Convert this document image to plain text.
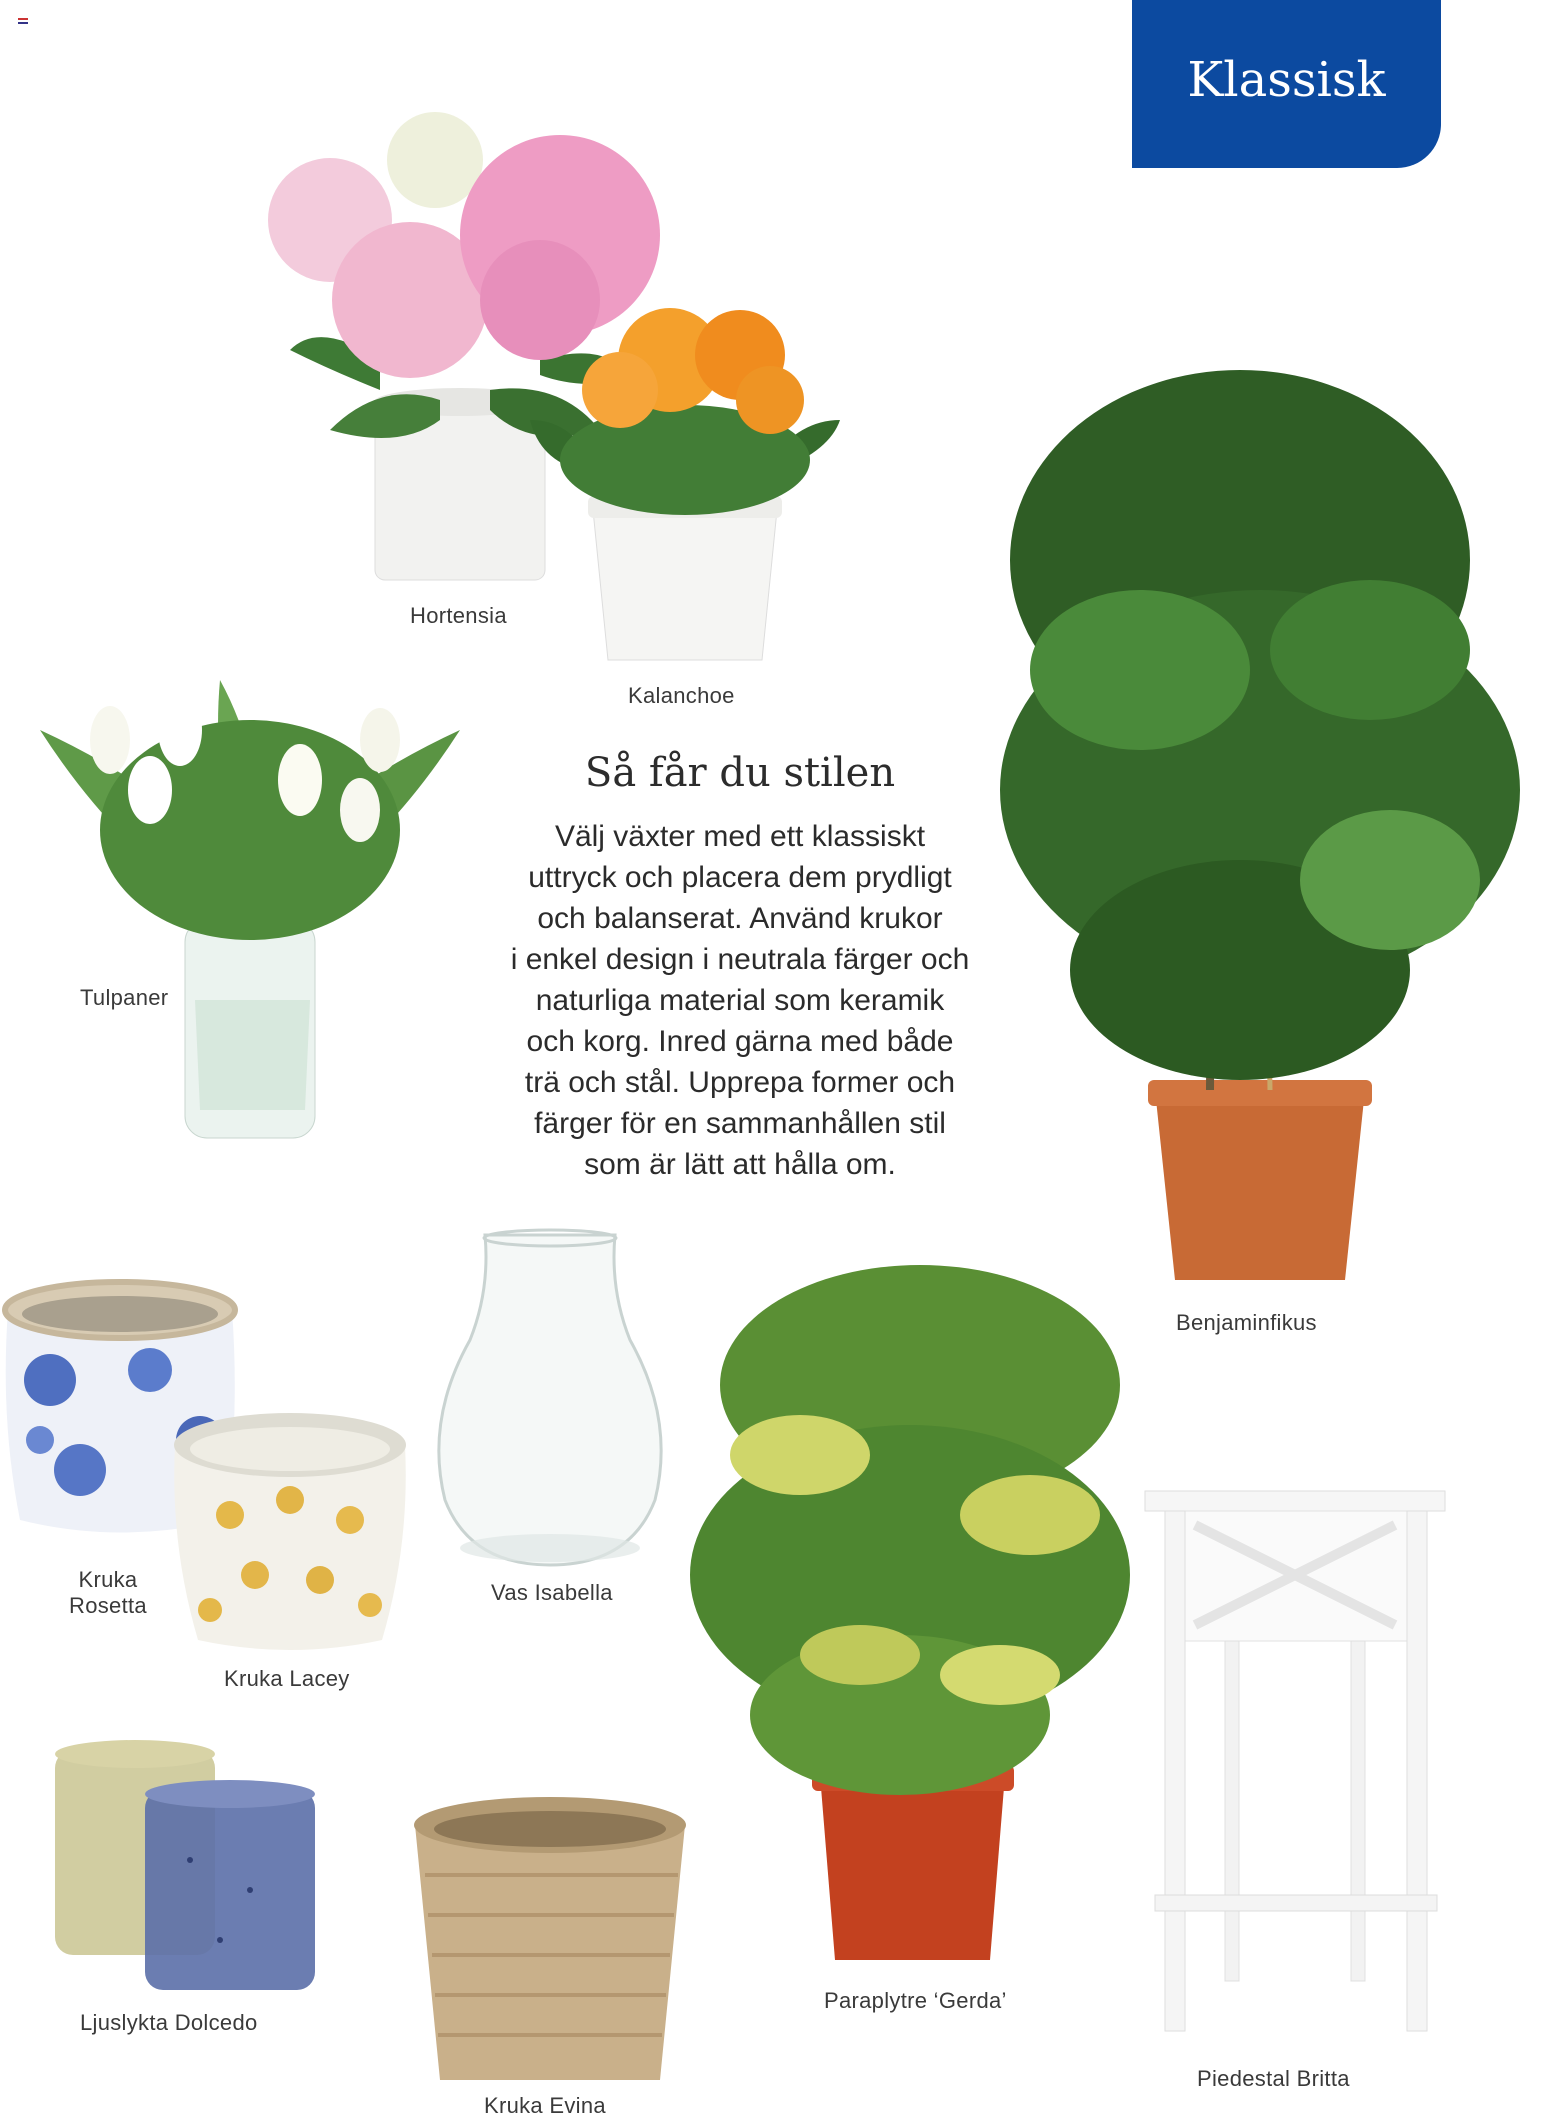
Klassisk
Hortensia
Kalanchoe
Benjaminfikus
Tulpaner
Så får du stilen
Välj växter med ett klassiskt
uttryck och placera dem prydligt
och balanserat. Använd krukor
i enkel design i neutrala färger och
naturliga material som keramik
och korg. Inred gärna med både
trä och stål. Upprepa former och
färger för en sammanhållen stil
som är lätt att hålla om.
Kruka
Rosetta
Kruka Lacey
Vas Isabella
Paraplytre ‘Gerda’
Piedestal Britta
Ljuslykta Dolcedo
Kruka Evina
